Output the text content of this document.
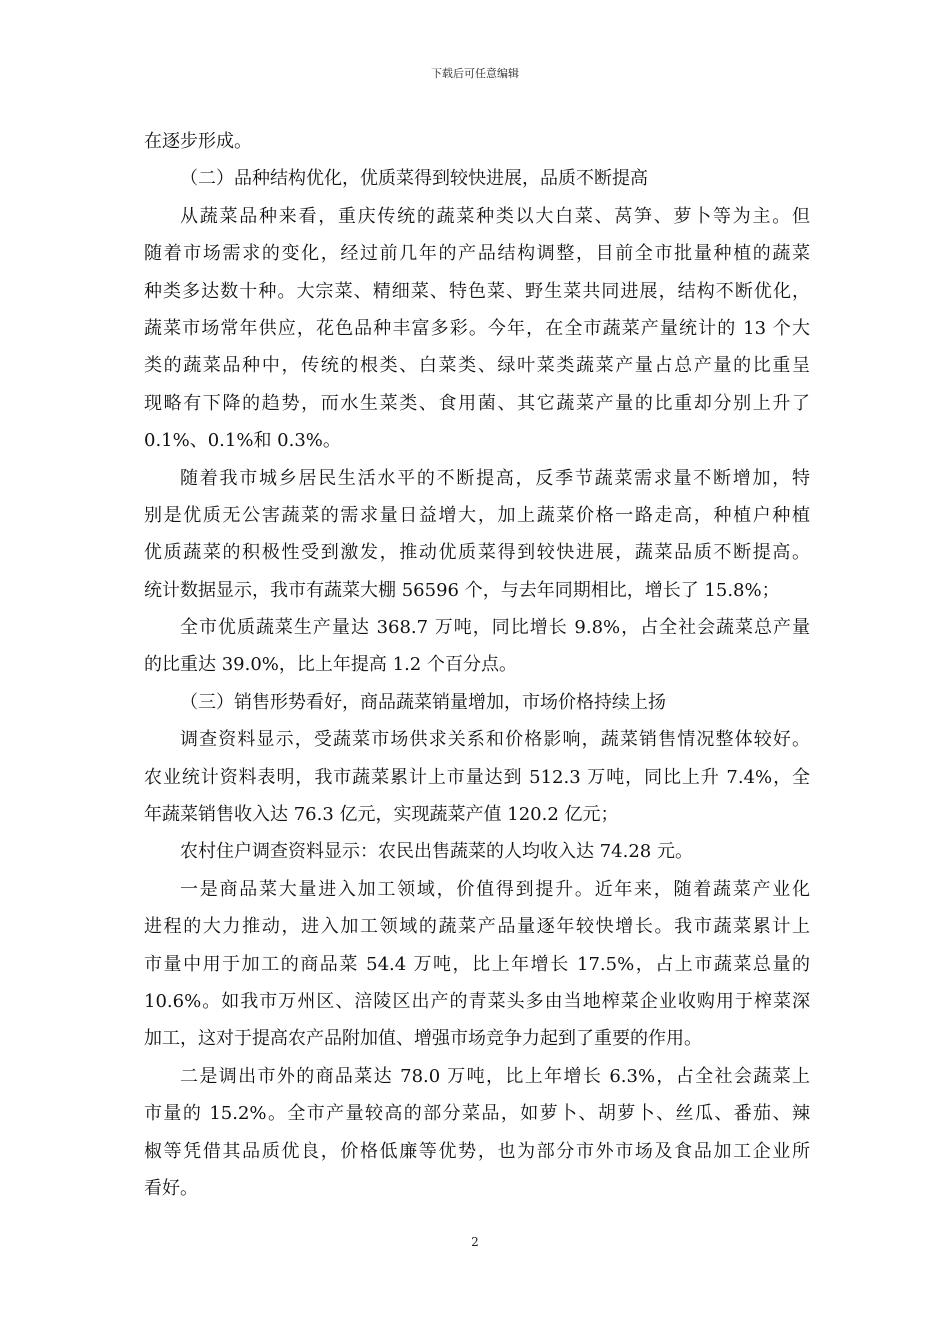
下载后可任意编辑
在逐步形成。
（二）品种结构优化，优质菜得到较快进展，品质不断提高
从蔬菜品种来看，重庆传统的蔬菜种类以大白菜、莴笋、萝卜等为主。但
随着市场需求的变化，经过前几年的产品结构调整，目前全市批量种植的蔬菜
种类多达数十种。大宗菜、精细菜、特色菜、野生菜共同进展，结构不断优化，
蔬菜市场常年供应，花色品种丰富多彩。今年，在全市蔬菜产量统计的 13 个大
类的蔬菜品种中，传统的根类、白菜类、绿叶菜类蔬菜产量占总产量的比重呈
现略有下降的趋势，而水生菜类、食用菌、其它蔬菜产量的比重却分别上升了
0.1%、0.1%和 0.3%。
随着我市城乡居民生活水平的不断提高，反季节蔬菜需求量不断增加，特
别是优质无公害蔬菜的需求量日益增大，加上蔬菜价格一路走高，种植户种植
优质蔬菜的积极性受到激发，推动优质菜得到较快进展，蔬菜品质不断提高。
统计数据显示，我市有蔬菜大棚 56596 个，与去年同期相比，增长了 15.8%；
全市优质蔬菜生产量达 368.7 万吨，同比增长 9.8%，占全社会蔬菜总产量
的比重达 39.0%，比上年提高 1.2 个百分点。
（三）销售形势看好，商品蔬菜销量增加，市场价格持续上扬
调查资料显示，受蔬菜市场供求关系和价格影响，蔬菜销售情况整体较好。
农业统计资料表明，我市蔬菜累计上市量达到 512.3 万吨，同比上升 7.4%，全
年蔬菜销售收入达 76.3 亿元，实现蔬菜产值 120.2 亿元；
农村住户调查资料显示：农民出售蔬菜的人均收入达 74.28 元。
一是商品菜大量进入加工领域，价值得到提升。近年来，随着蔬菜产业化
进程的大力推动，进入加工领域的蔬菜产品量逐年较快增长。我市蔬菜累计上
市量中用于加工的商品菜 54.4 万吨，比上年增长 17.5%，占上市蔬菜总量的
10.6%。如我市万州区、涪陵区出产的青菜头多由当地榨菜企业收购用于榨菜深
加工，这对于提高农产品附加值、增强市场竞争力起到了重要的作用。
二是调出市外的商品菜达 78.0 万吨，比上年增长 6.3%，占全社会蔬菜上
市量的 15.2%。全市产量较高的部分菜品，如萝卜、胡萝卜、丝瓜、番茄、辣
椒等凭借其品质优良，价格低廉等优势，也为部分市外市场及食品加工企业所
看好。
2
